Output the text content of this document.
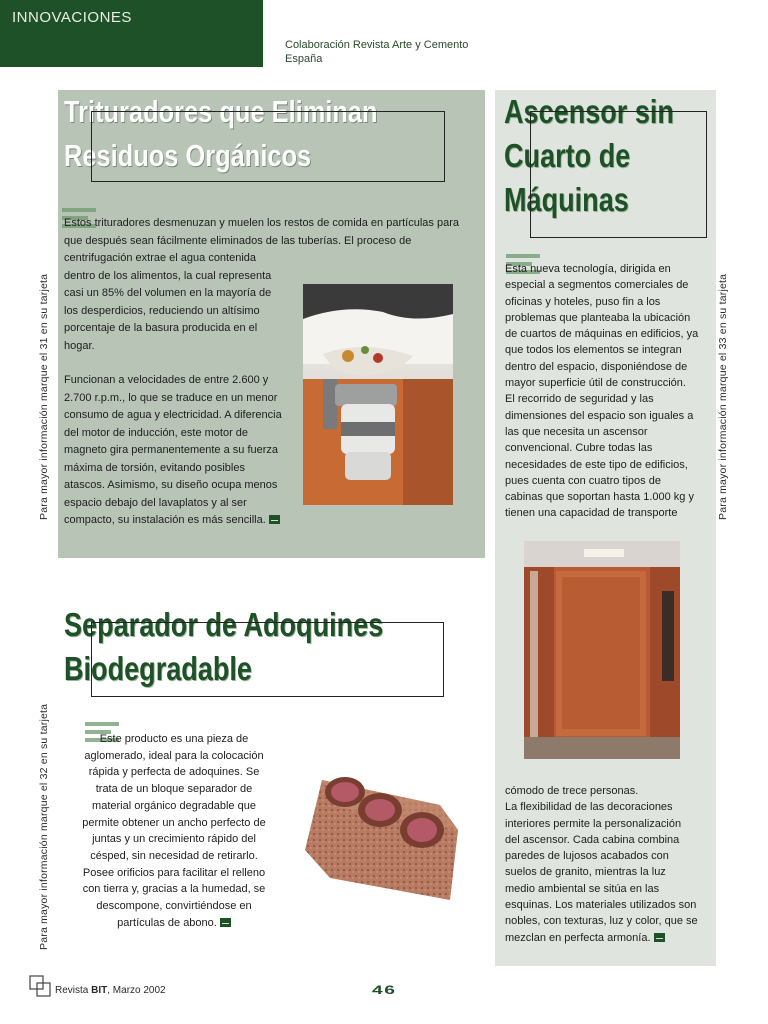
INNOVACIONES
Colaboración Revista Arte y Cemento
España
Trituradores que Eliminan
Residuos Orgánicos

Estos trituradores desmenuzan y muelen los restos de comida en partículas para

que después sean fácilmente eliminados de las tuberías. El proceso de

centrifugación extrae el agua contenida

dentro de los alimentos, la cual representa

casi un 85% del volumen en la mayoría de

los desperdicios, reduciendo un altísimo

porcentaje de la basura producida en el

hogar.

Funcionan a velocidades de entre 2.600 y

2.700 r.p.m., lo que se traduce en un menor

consumo de agua y electricidad. A diferencia

del motor de inducción, este motor de

magneto gira permanentemente a su fuerza

máxima de torsión, evitando posibles

atascos. Asimismo, su diseño ocupa menos

espacio debajo del lavaplatos y al ser

compacto, su instalación es más sencilla.

Ascensor sin
Cuarto de
Máquinas

Esta nueva tecnología, dirigida en

especial a segmentos comerciales de

oficinas y hoteles, puso fin a los

problemas que planteaba la ubicación

de cuartos de máquinas en edificios, ya

que todos los elementos se integran

dentro del espacio, disponiéndose de

mayor superficie útil de construcción.

El recorrido de seguridad y las

dimensiones del espacio son iguales a

las que necesita un ascensor

convencional. Cubre todas las

necesidades de este tipo de edificios,

pues cuenta con cuatro tipos de

cabinas que soportan hasta 1.000 kg y

tienen una capacidad de transporte

cómodo de trece personas.

La flexibilidad de las decoraciones

interiores permite la personalización

del ascensor. Cada cabina combina

paredes de lujosos acabados con

suelos de granito, mientras la luz

medio ambiental se sitúa en las

esquinas. Los materiales utilizados son

nobles, con texturas, luz y color, que se

mezclan en perfecta armonía.

Separador de Adoquines
Biodegradable

Este producto es una pieza de

aglomerado, ideal para la colocación

rápida y perfecta de adoquines. Se

trata de un bloque separador de

material orgánico degradable que

permite obtener un ancho perfecto de

juntas y un crecimiento rápido del

césped, sin necesidad de retirarlo.

Posee orificios para facilitar el relleno

con tierra y, gracias a la humedad, se

descompone, convirtiéndose en

partículas de abono.

Para mayor información marque el 31 en su tarjeta
Para mayor información marque el 32 en su tarjeta
Para mayor información marque el 33 en su tarjeta
Revista BIT, Marzo 2002	46
